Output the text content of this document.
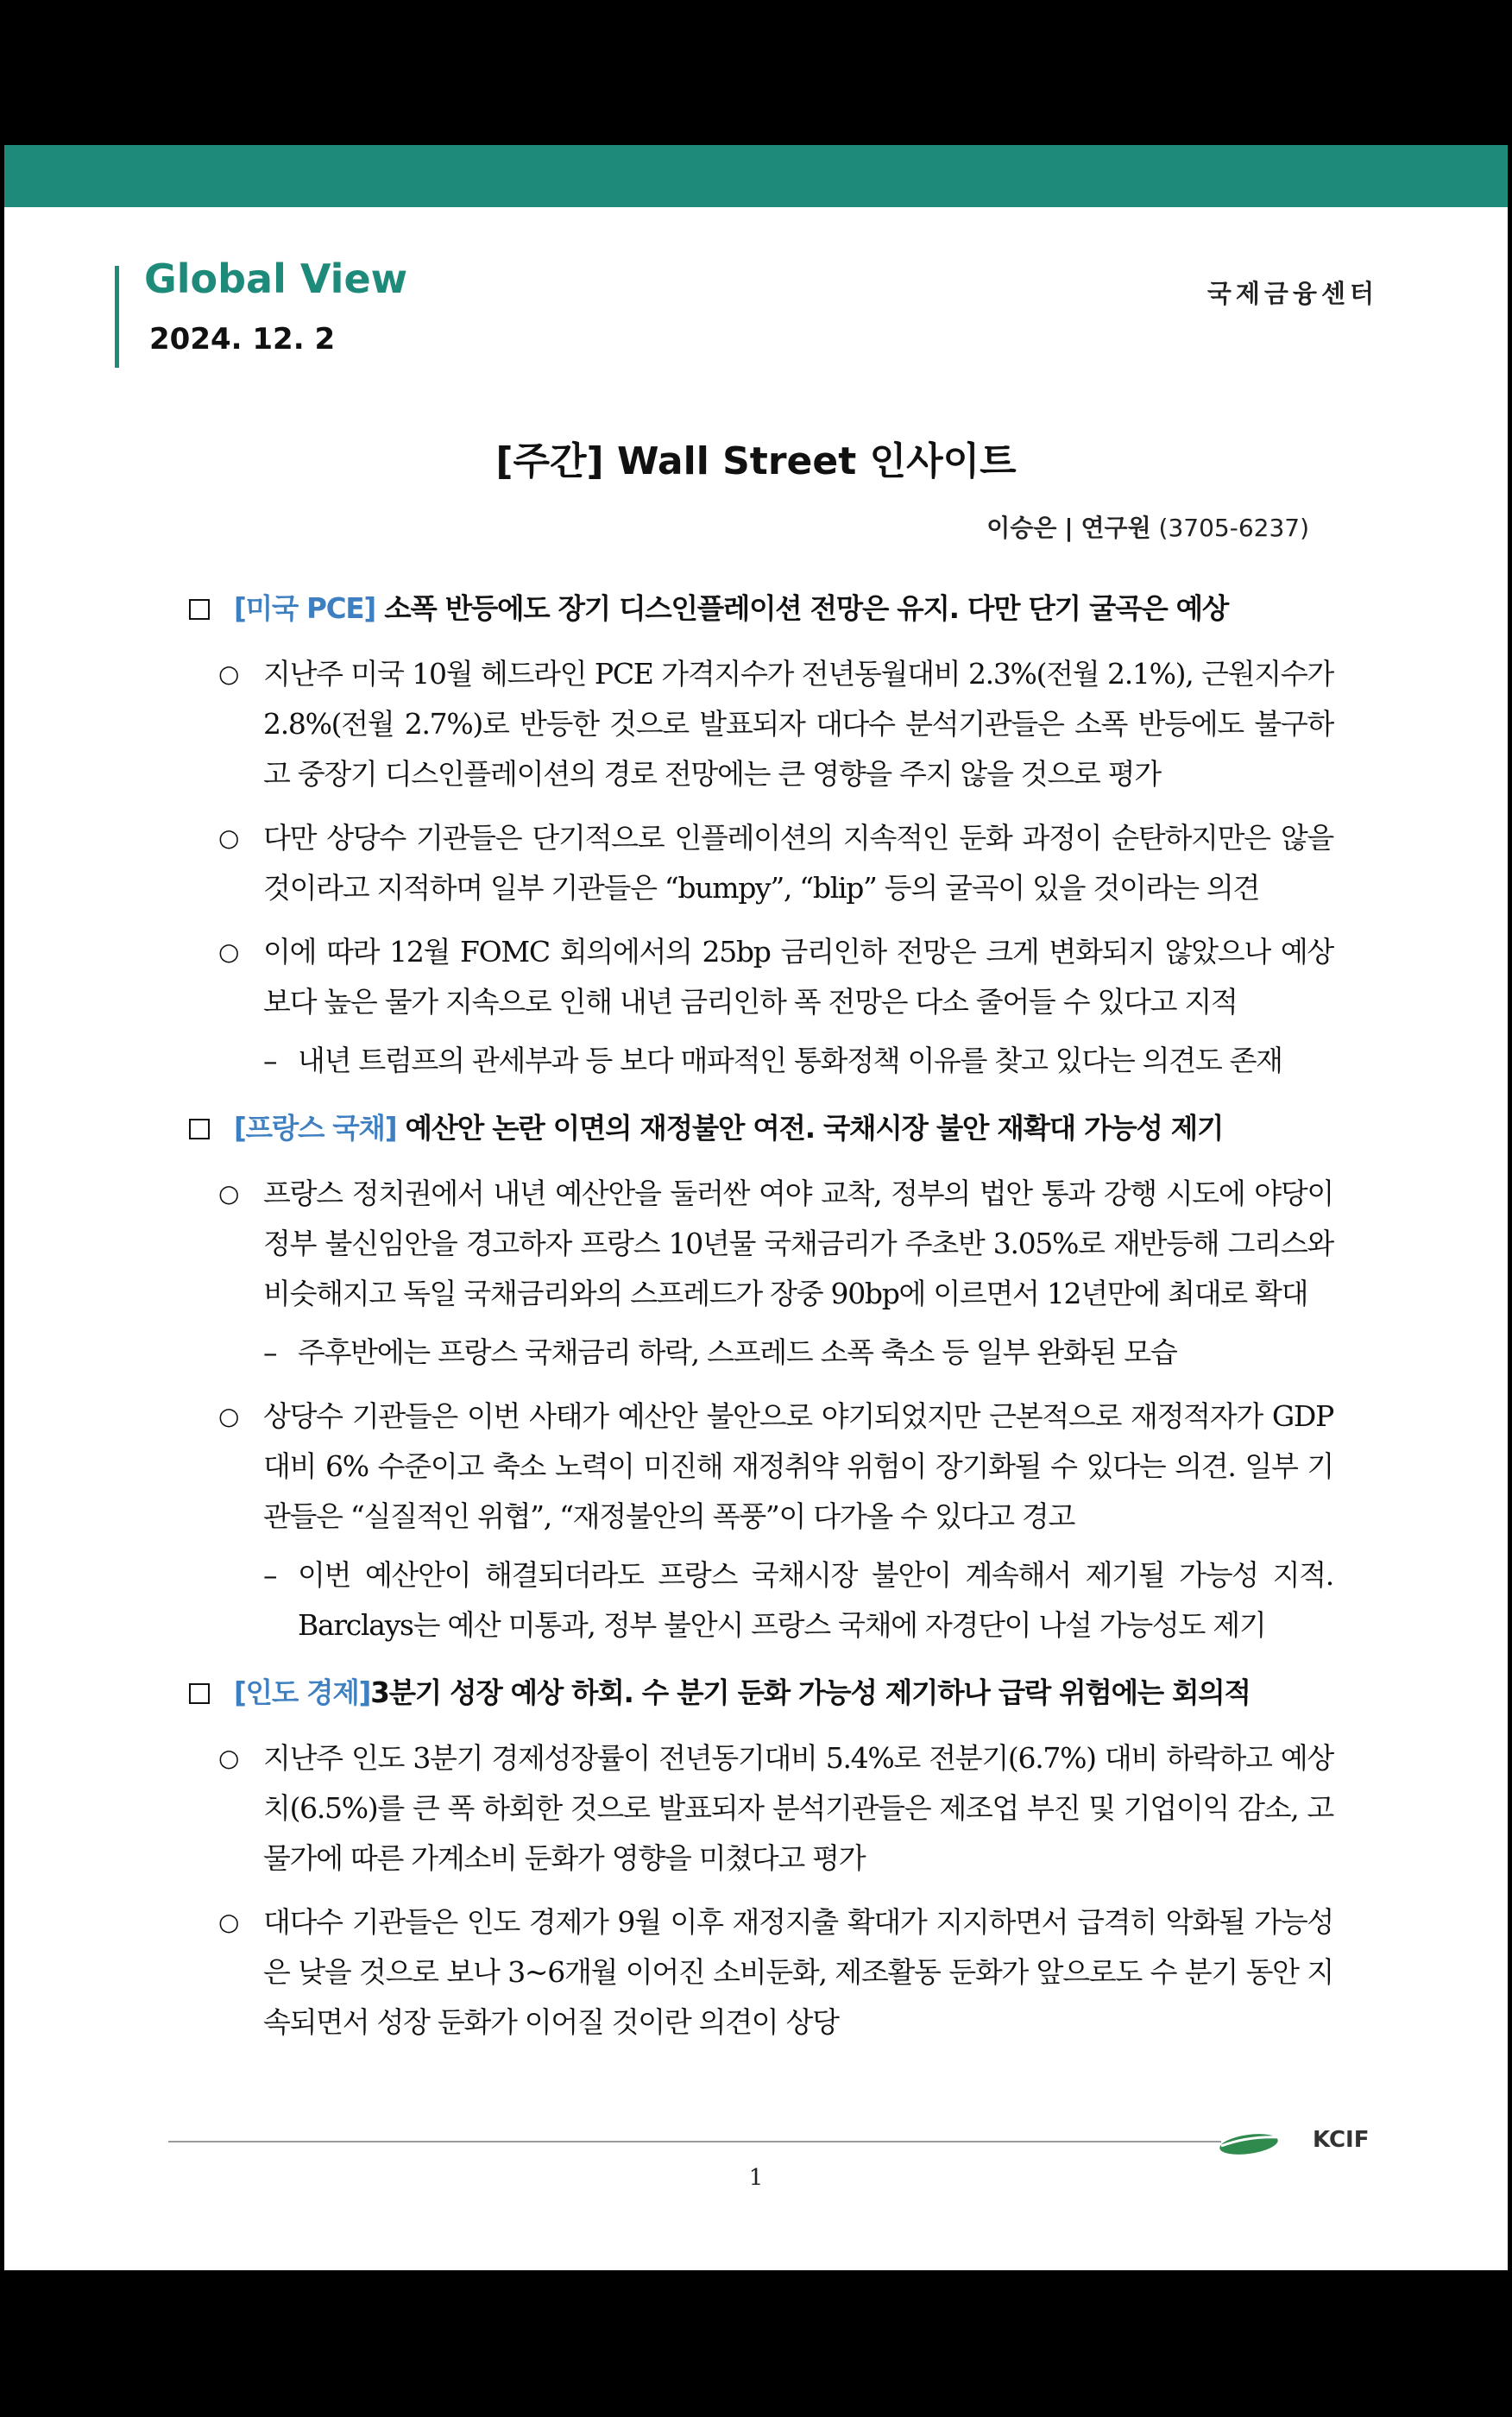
Global View
2024. 12. 2
국제금융센터
[주간] Wall Street 인사이트
이승은 | 연구원 (3705-6237)
[미국 PCE] 소폭 반등에도 장기 디스인플레이션 전망은 유지. 다만 단기 굴곡은 예상
○ 지난주 미국 10월 헤드라인 PCE 가격지수가 전년동월대비 2.3%(전월 2.1%), 근원지수가 2.8%(전월 2.7%)로 반등한 것으로 발표되자 대다수 분석기관들은 소폭 반등에도 불구하고 중장기 디스인플레이션의 경로 전망에는 큰 영향을 주지 않을 것으로 평가
○ 다만 상당수 기관들은 단기적으로 인플레이션의 지속적인 둔화 과정이 순탄하지만은 않을 것이라고 지적하며 일부 기관들은 “bumpy”, “blip” 등의 굴곡이 있을 것이라는 의견
○ 이에 따라 12월 FOMC 회의에서의 25bp 금리인하 전망은 크게 변화되지 않았으나 예상보다 높은 물가 지속으로 인해 내년 금리인하 폭 전망은 다소 줄어들 수 있다고 지적
– 내년 트럼프의 관세부과 등 보다 매파적인 통화정책 이유를 찾고 있다는 의견도 존재
[프랑스 국채] 예산안 논란 이면의 재정불안 여전. 국채시장 불안 재확대 가능성 제기
○ 프랑스 정치권에서 내년 예산안을 둘러싼 여야 교착, 정부의 법안 통과 강행 시도에 야당이 정부 불신임안을 경고하자 프랑스 10년물 국채금리가 주초반 3.05%로 재반등해 그리스와 비슷해지고 독일 국채금리와의 스프레드가 장중 90bp에 이르면서 12년만에 최대로 확대
– 주후반에는 프랑스 국채금리 하락, 스프레드 소폭 축소 등 일부 완화된 모습
○ 상당수 기관들은 이번 사태가 예산안 불안으로 야기되었지만 근본적으로 재정적자가 GDP 대비 6% 수준이고 축소 노력이 미진해 재정취약 위험이 장기화될 수 있다는 의견. 일부 기관들은 “실질적인 위협”, “재정불안의 폭풍”이 다가올 수 있다고 경고
– 이번 예산안이 해결되더라도 프랑스 국채시장 불안이 계속해서 제기될 가능성 지적. Barclays는 예산 미통과, 정부 불안시 프랑스 국채에 자경단이 나설 가능성도 제기
[인도 경제]3분기 성장 예상 하회. 수 분기 둔화 가능성 제기하나 급락 위험에는 회의적
○ 지난주 인도 3분기 경제성장률이 전년동기대비 5.4%로 전분기(6.7%) 대비 하락하고 예상치(6.5%)를 큰 폭 하회한 것으로 발표되자 분석기관들은 제조업 부진 및 기업이익 감소, 고물가에 따른 가계소비 둔화가 영향을 미쳤다고 평가
○ 대다수 기관들은 인도 경제가 9월 이후 재정지출 확대가 지지하면서 급격히 악화될 가능성은 낮을 것으로 보나 3~6개월 이어진 소비둔화, 제조활동 둔화가 앞으로도 수 분기 동안 지속되면서 성장 둔화가 이어질 것이란 의견이 상당
KCIF
1
